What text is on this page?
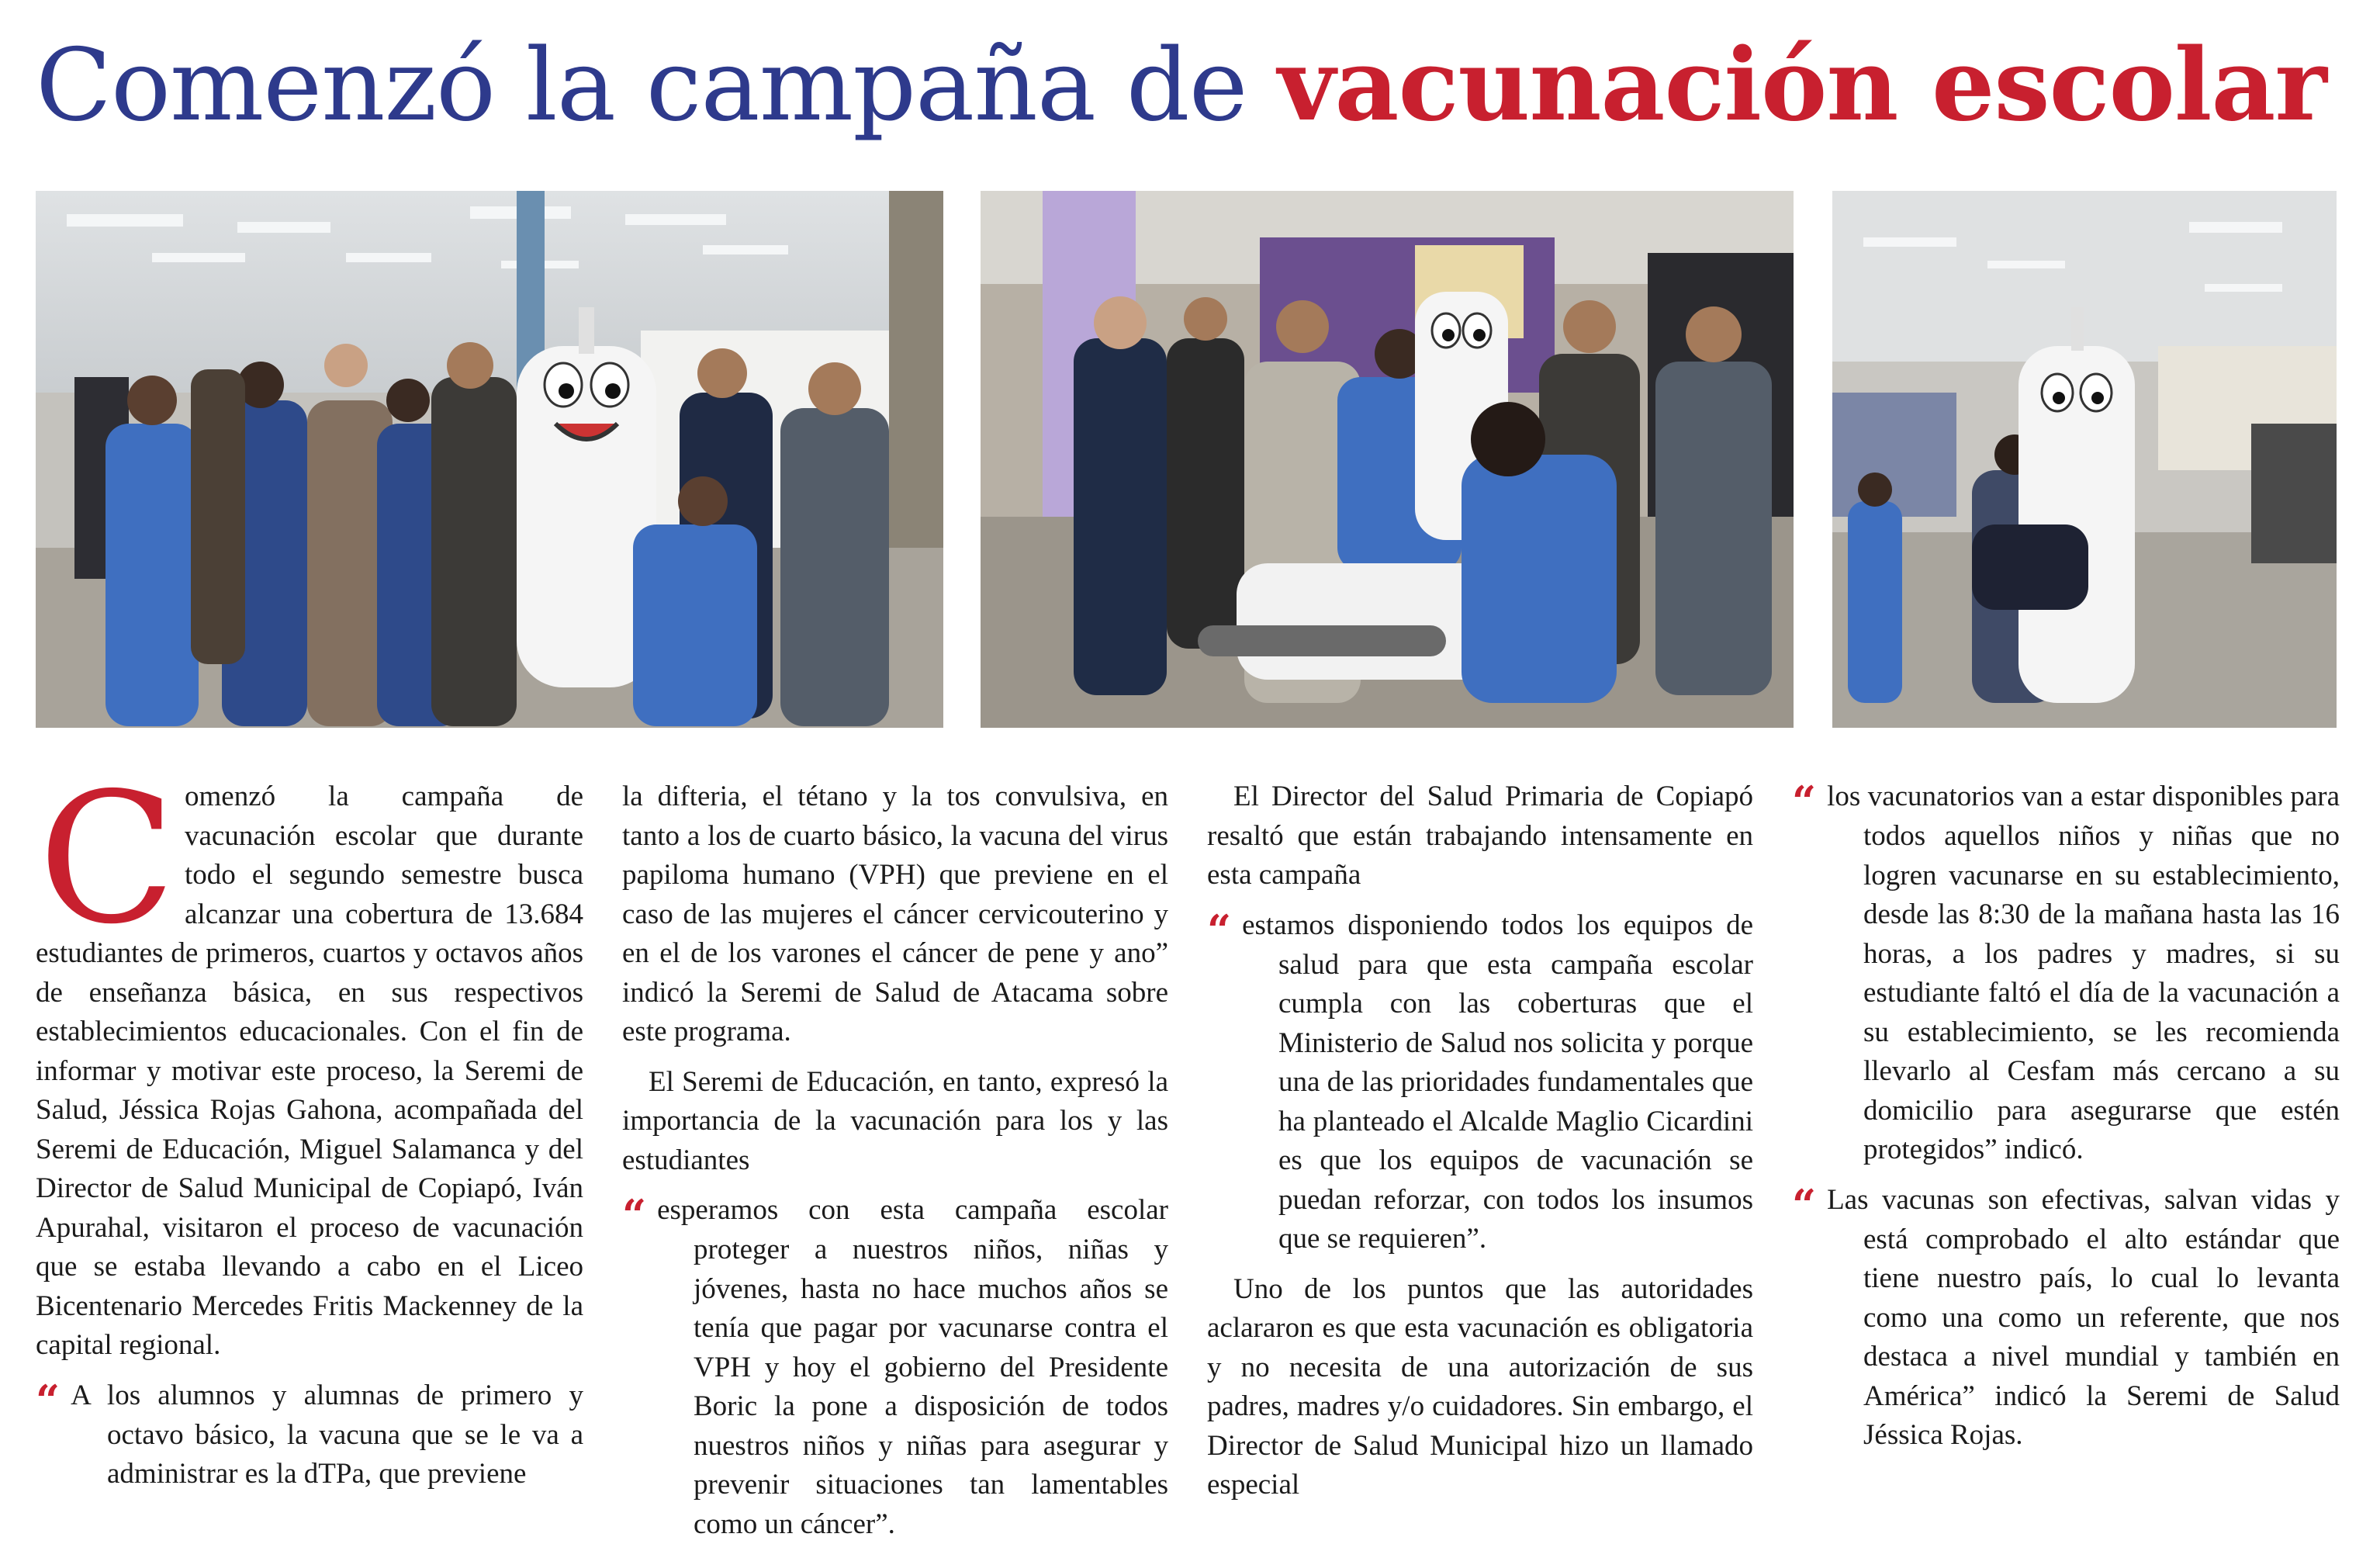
Comenzó la campaña de vacunación escolar

Comenzó la campaña de vacunación escolar que durante todo el segundo semestre busca alcanzar una cobertura de 13.684 estudiantes de primeros, cuartos y octavos años de enseñanza básica, en sus respectivos establecimientos educacionales. Con el fin de informar y motivar este proceso, la Seremi de Salud, Jéssica Rojas Gahona, acompañada del Seremi de Educación, Miguel Salamanca y del Director de Salud Municipal de Copiapó, Iván Apurahal, visitaron el proceso de vacunación que se estaba llevando a cabo en el Liceo Bicentenario Mercedes Fritis Mackenney de la capital regional.

“ A los alumnos y alumnas de primero y octavo básico, la vacuna que se le va a administrar es la dTPa, que previene

la difteria, el tétano y la tos convulsiva, en tanto a los de cuarto básico, la vacuna del virus papiloma humano (VPH) que previene en el caso de las mujeres el cáncer cervicouterino y en el de los varones el cáncer de pene y ano” indicó la Seremi de Salud de Atacama sobre este programa.

El Seremi de Educación, en tanto, expresó la importancia de la vacunación para los y las estudiantes

“ esperamos con esta campaña escolar proteger a nuestros niños, niñas y jóvenes, hasta no hace muchos años se tenía que pagar por vacunarse contra el VPH y hoy el gobierno del Presidente Boric la pone a disposición de todos nuestros niños y niñas para asegurar y prevenir situaciones tan lamentables como un cáncer”.

El Director del Salud Primaria de Copiapó resaltó que están trabajando intensamente en esta campaña

“ estamos disponiendo todos los equipos de salud para que esta campaña escolar cumpla con las coberturas que el Ministerio de Salud nos solicita y porque una de las prioridades fundamentales que ha planteado el Alcalde Maglio Cicardini es que los equipos de vacunación se puedan reforzar, con todos los insumos que se requieren”.

Uno de los puntos que las autoridades aclararon es que esta vacunación es obligatoria y no necesita de una autorización de sus padres, madres y/o cuidadores. Sin embargo, el Director de Salud Municipal hizo un llamado especial

“ los vacunatorios van a estar disponibles para todos aquellos niños y niñas que no logren vacunarse en su establecimiento, desde las 8:30 de la mañana hasta las 16 horas, a los padres y madres, si su estudiante faltó el día de la vacunación a su establecimiento, se les recomienda llevarlo al Cesfam más cercano a su domicilio para asegurarse que estén protegidos” indicó.

“ Las vacunas son efectivas, salvan vidas y está comprobado el alto estándar que tiene nuestro país, lo cual lo levanta como una como un referente, que nos destaca a nivel mundial y también en América” indicó la Seremi de Salud Jéssica Rojas.
